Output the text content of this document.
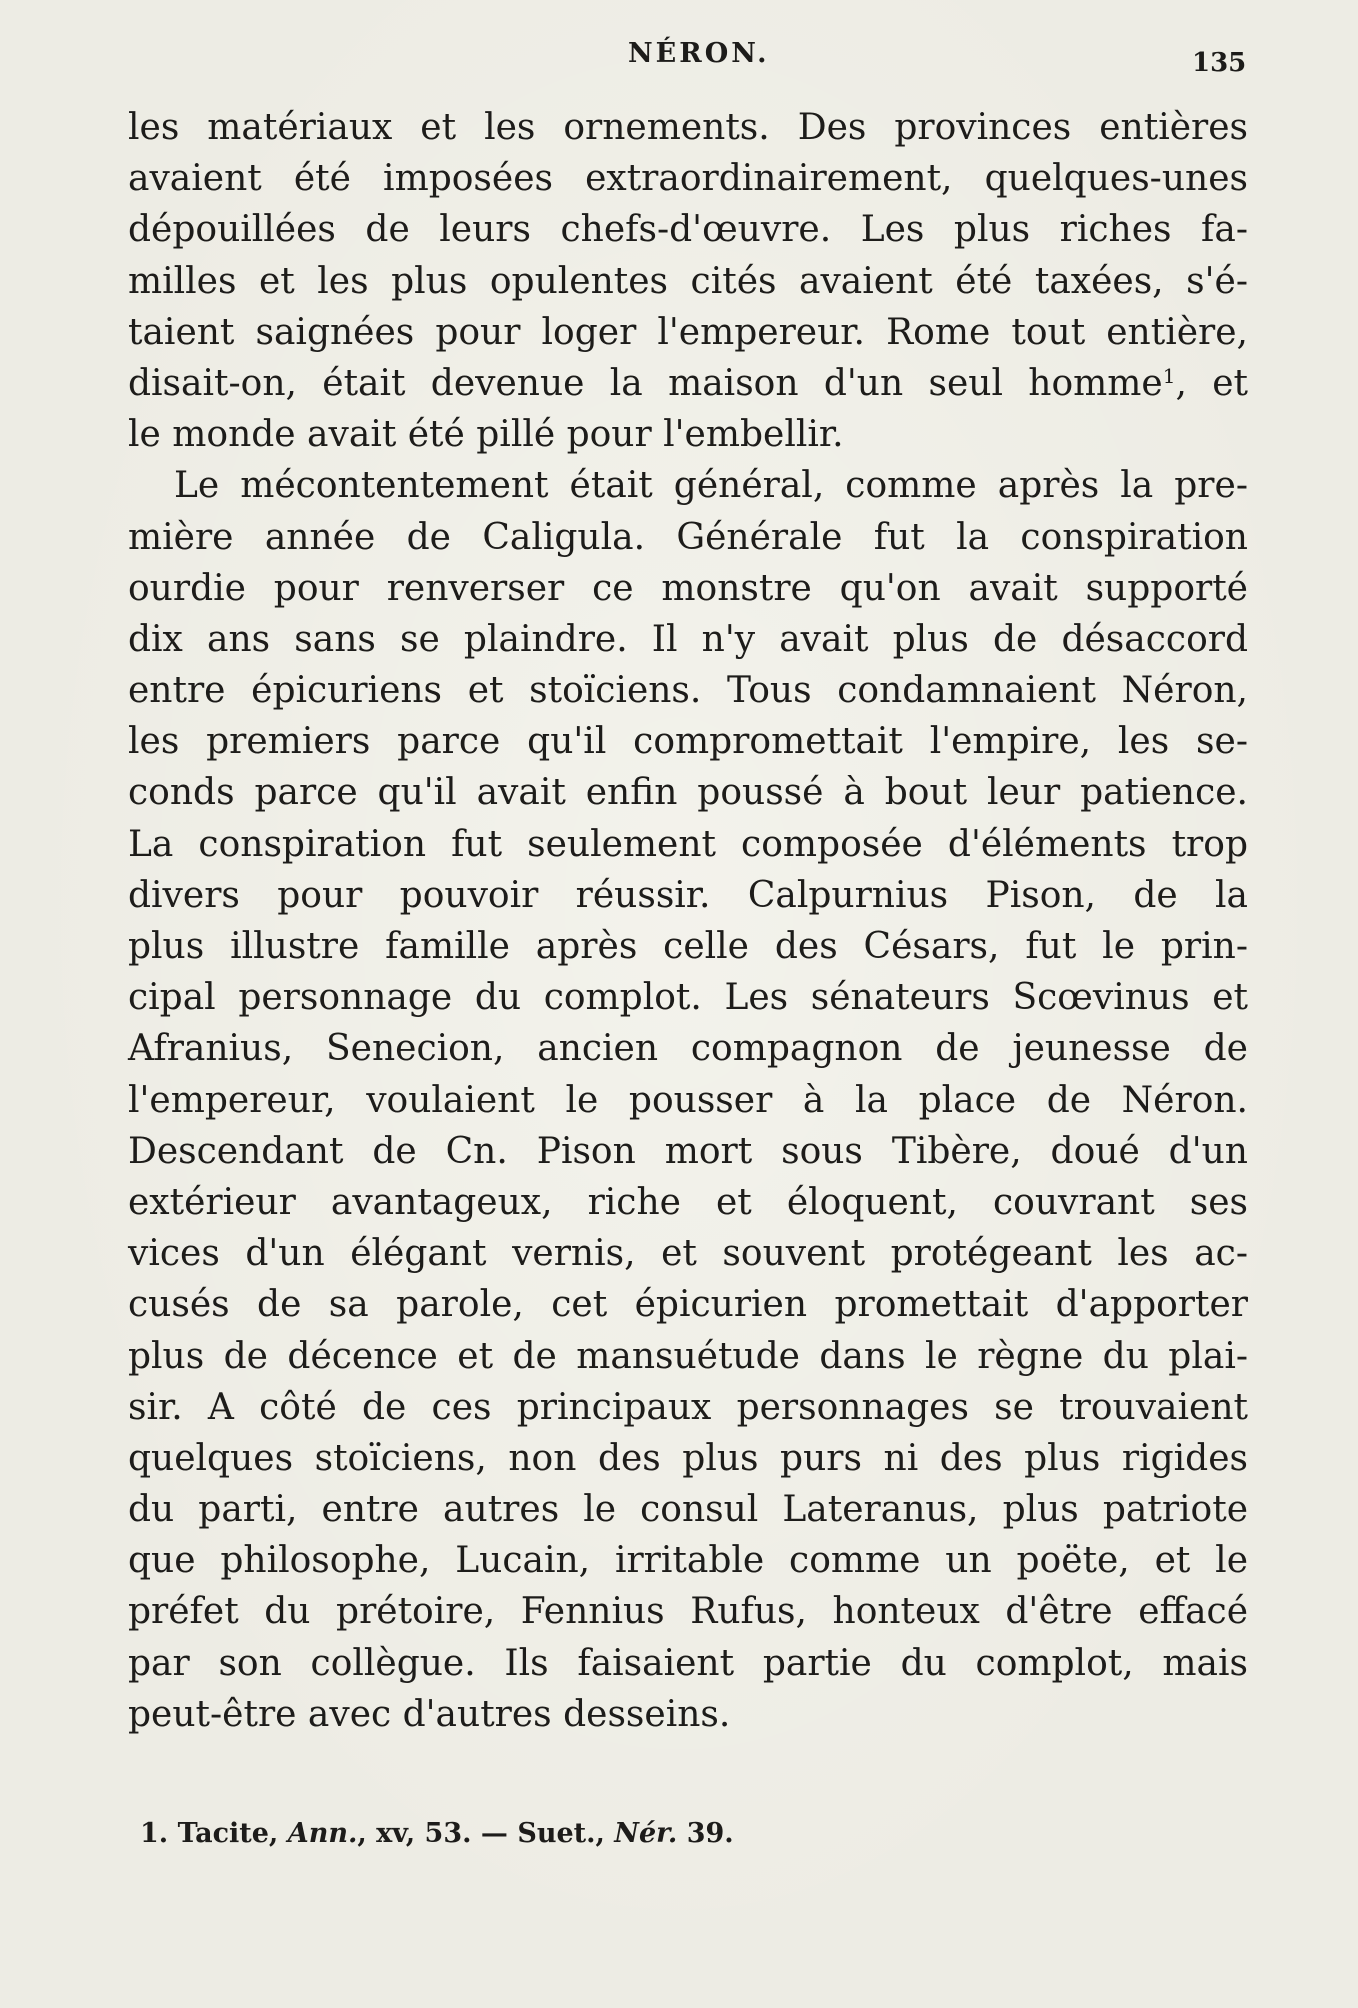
NÉRON.	135
les matériaux et les ornements. Des provinces entières
avaient été imposées extraordinairement, quelques-unes
dépouillées de leurs chefs-d'œuvre. Les plus riches fa-
milles et les plus opulentes cités avaient été taxées, s'é-
taient saignées pour loger l'empereur. Rome tout entière,
disait-on, était devenue la maison d'un seul homme$^1$, et
le monde avait été pillé pour l'embellir.
Le mécontentement était général, comme après la pre-
mière année de Caligula. Générale fut la conspiration
ourdie pour renverser ce monstre qu'on avait supporté
dix ans sans se plaindre. Il n'y avait plus de désaccord
entre épicuriens et stoïciens. Tous condamnaient Néron,
les premiers parce qu'il compromettait l'empire, les se-
conds parce qu'il avait enfin poussé à bout leur patience.
La conspiration fut seulement composée d'éléments trop
divers pour pouvoir réussir. Calpurnius Pison, de la
plus illustre famille après celle des Césars, fut le prin-
cipal personnage du complot. Les sénateurs Scœvinus et
Afranius, Senecion, ancien compagnon de jeunesse de
l'empereur, voulaient le pousser à la place de Néron.
Descendant de Cn. Pison mort sous Tibère, doué d'un
extérieur avantageux, riche et éloquent, couvrant ses
vices d'un élégant vernis, et souvent protégeant les ac-
cusés de sa parole, cet épicurien promettait d'apporter
plus de décence et de mansuétude dans le règne du plai-
sir. A côté de ces principaux personnages se trouvaient
quelques stoïciens, non des plus purs ni des plus rigides
du parti, entre autres le consul Lateranus, plus patriote
que philosophe, Lucain, irritable comme un poëte, et le
préfet du prétoire, Fennius Rufus, honteux d'être effacé
par son collègue. Ils faisaient partie du complot, mais
peut-être avec d'autres desseins.
1. Tacite, Ann., xv, 53. — Suet., Nér. 39.
